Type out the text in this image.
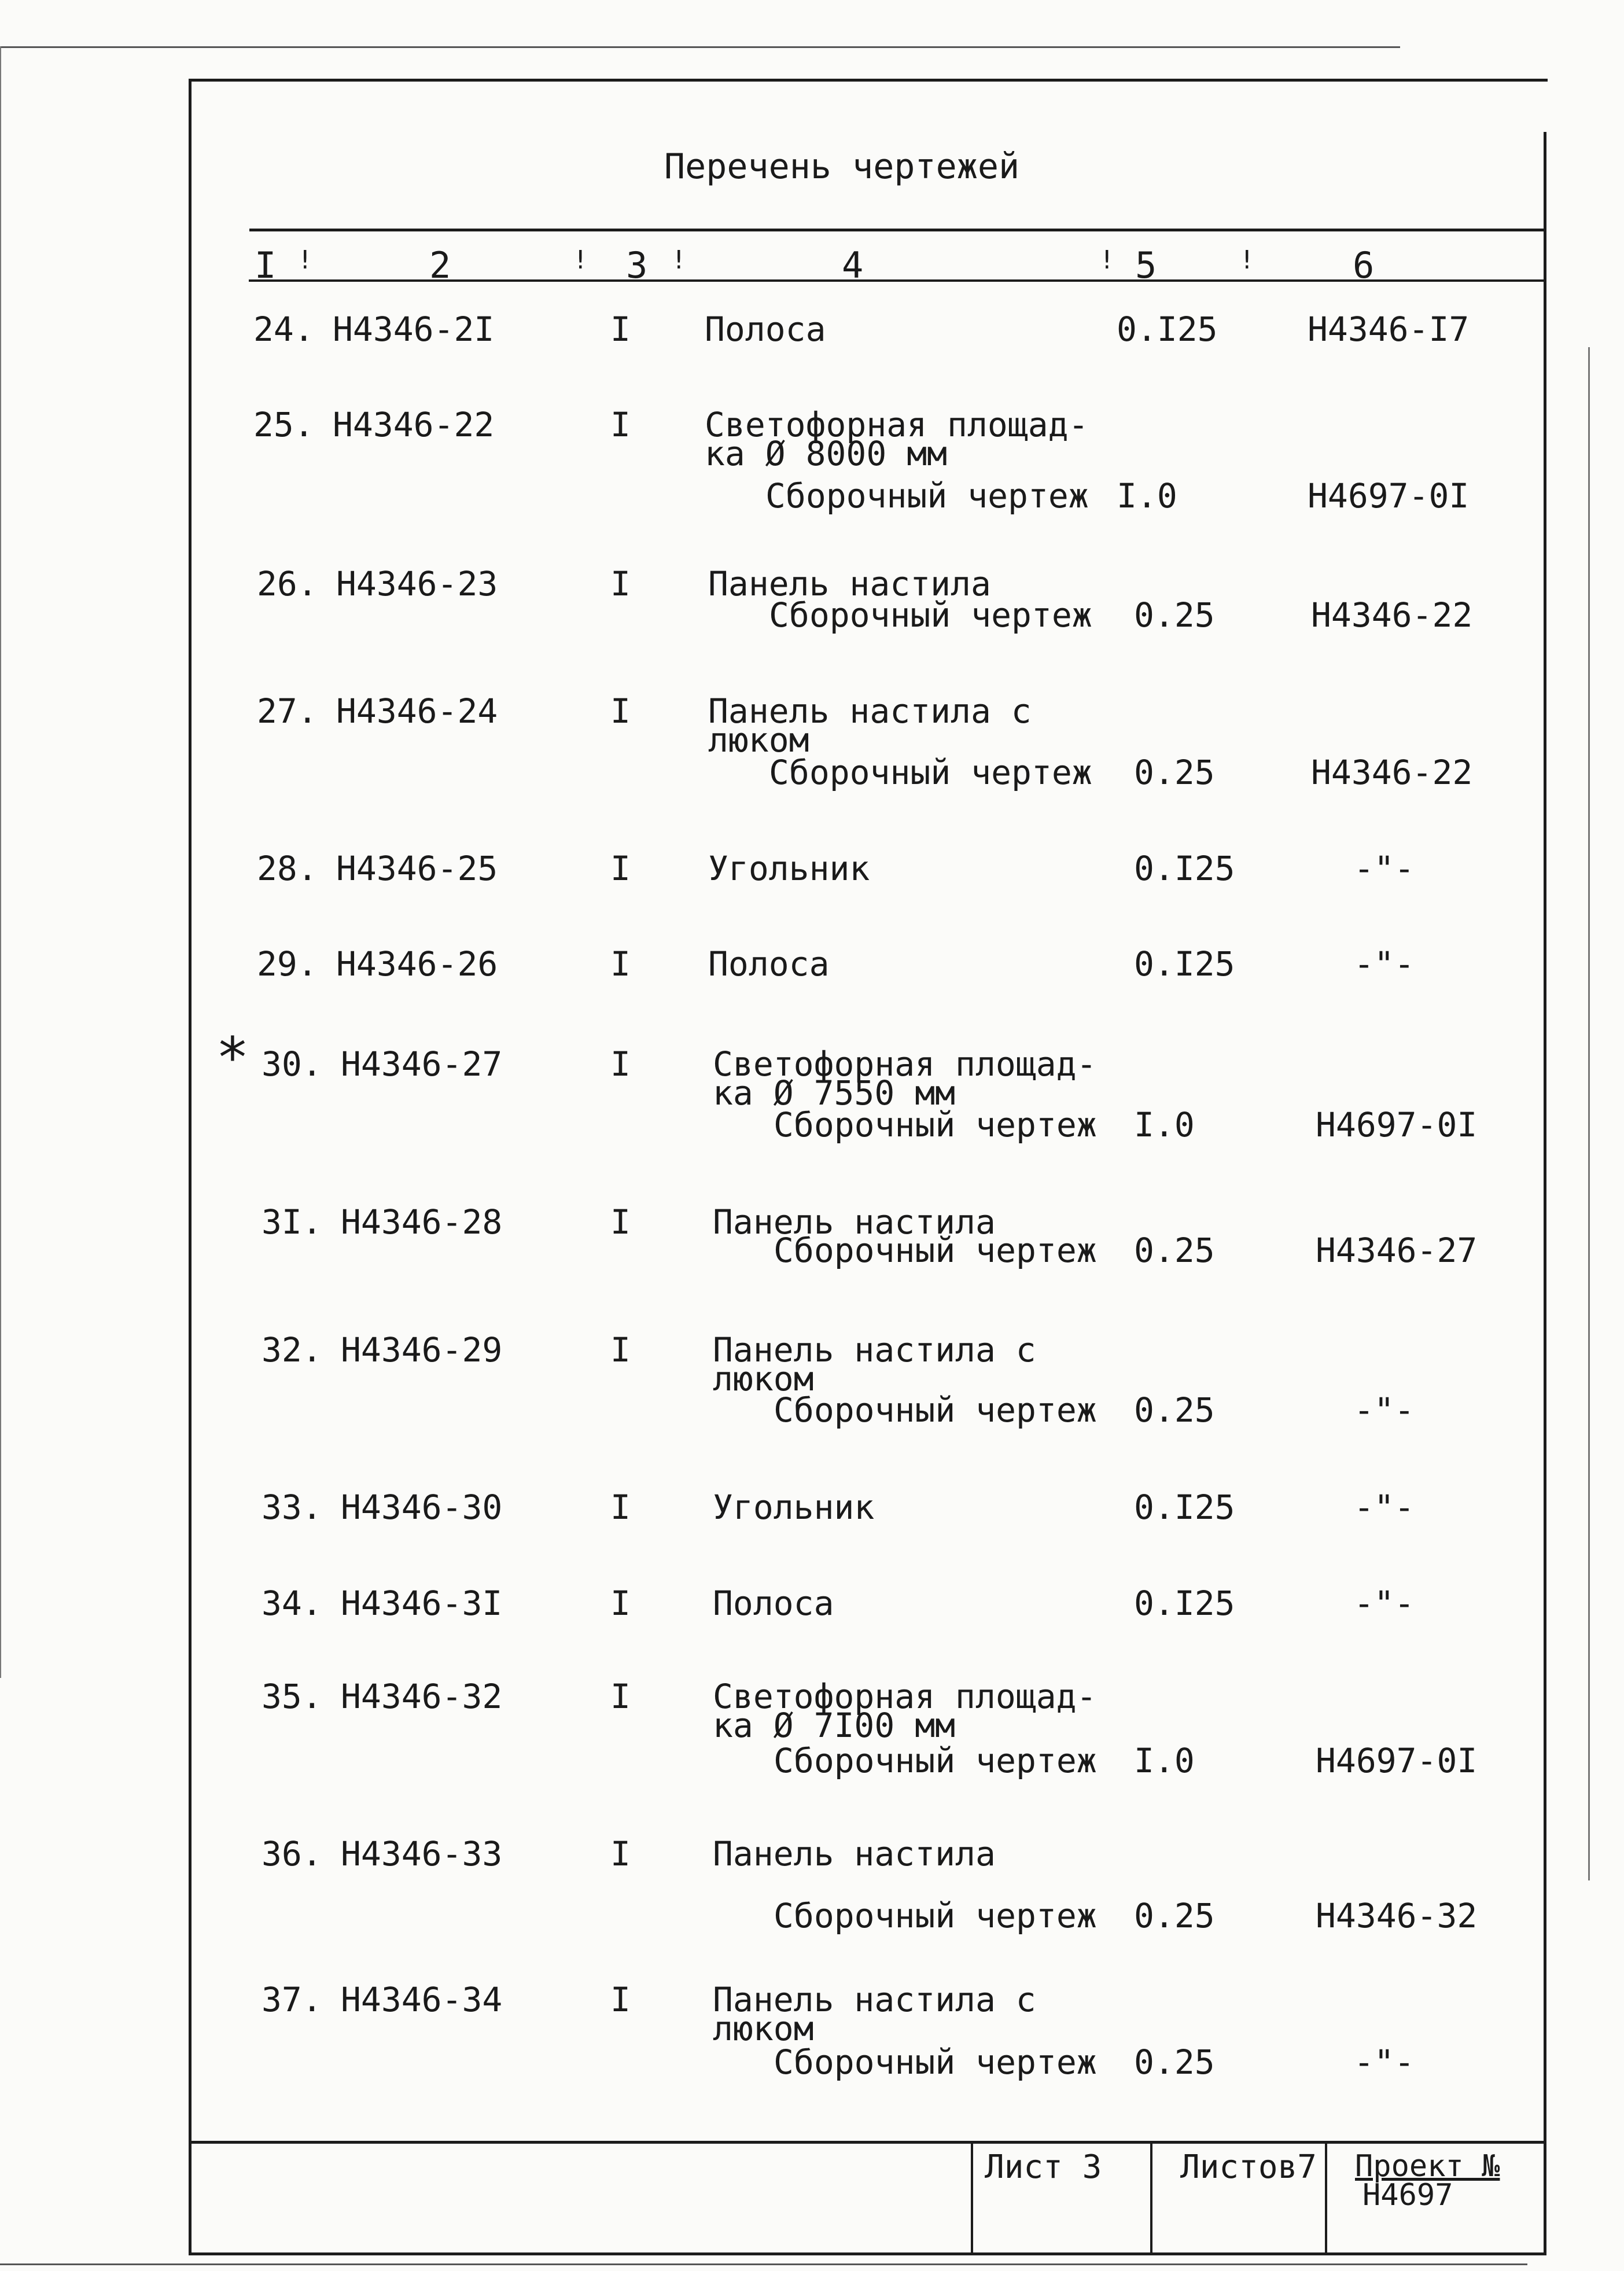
Перечень чертежей
I	2	3	4	5	6
!	!	!	!	!
*
24. Н4346-2I	I Полоса	0.I25	Н4346-I7
25. Н4346-22	I Светофорная площад-
ка Ø 8000 мм
Сборочный чертеж I.0	Н4697-0I
26. Н4346-23	I Панель настила
Сборочный чертеж 0.25	Н4346-22
27. Н4346-24	I Панель настила с
люком
Сборочный чертеж 0.25	Н4346-22
28. Н4346-25	I Угольник	0.I25	-"-
29. Н4346-26	I Полоса	0.I25	-"-
30. Н4346-27	I Светофорная площад-
ка Ø 7550 мм
Сборочный чертеж I.0	Н4697-0I
3I. Н4346-28	I Панель настила
Сборочный чертеж 0.25	Н4346-27
32. Н4346-29	I Панель настила с
люком
Сборочный чертеж 0.25	-"-
33. Н4346-30	I Угольник	0.I25	-"-
34. Н4346-3I	I Полоса	0.I25	-"-
35. Н4346-32	I Светофорная площад-
ка Ø 7I00 мм
Сборочный чертеж I.0	Н4697-0I
36. Н4346-33	I Панель настила
Сборочный чертеж 0.25	Н4346-32
37. Н4346-34	I Панель настила с
люком
Сборочный чертеж 0.25	-"-
Лист 3 Листов7 Проект №
Н4697
